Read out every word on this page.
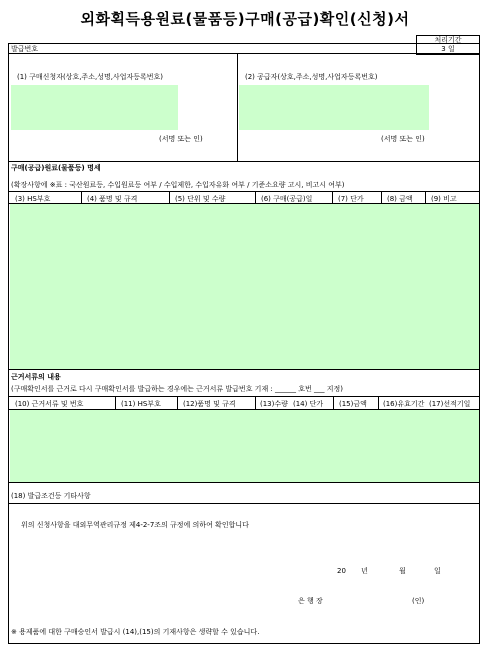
외화획득용원료(물품등)구매(공급)확인(신청)서
처리기간
3 일
발급번호
(1) 구매신청자(상호,주소,성명,사업자등록번호)
(서명 또는 인)
(2) 공급자(상호,주소,성명,사업자등록번호)
(서명 또는 인)
구매(공급)원료(물품등) 명세
(확장사항에 ※표 : 국산원료등, 수입원료등 여부 / 수입제한, 수입자유화 여부 / 기준소요량 고시, 비고시 여부)
(3) HS부호	(4) 품명 및 규격	(5) 단위 및 수량	(6) 구매(공급)일	(7) 단가	(8) 금액	(9) 비고
근거서류의 내용
(구매확인서를 근거로 다시 구매확인서를 발급하는 경우에는 근거서류 발급번호 기재 : ______ 호번 ___ 지정)
(10) 근거서류 및 번호	(11) HS부호	(12)품명 및 규격	(13)수량 (14) 단가 (15)금액 (16)유효기간 (17)선적기일
(18) 발급조건등 기타사항
위의 신청사항을 대외무역관리규정 제4-2-7조의 규정에 의하여 확인합니다
20 년	월	일
은 행 장	(인)
※ 용제품에 대한 구매승인서 발급시 (14),(15)의 기재사항은 생략할 수 있습니다.
